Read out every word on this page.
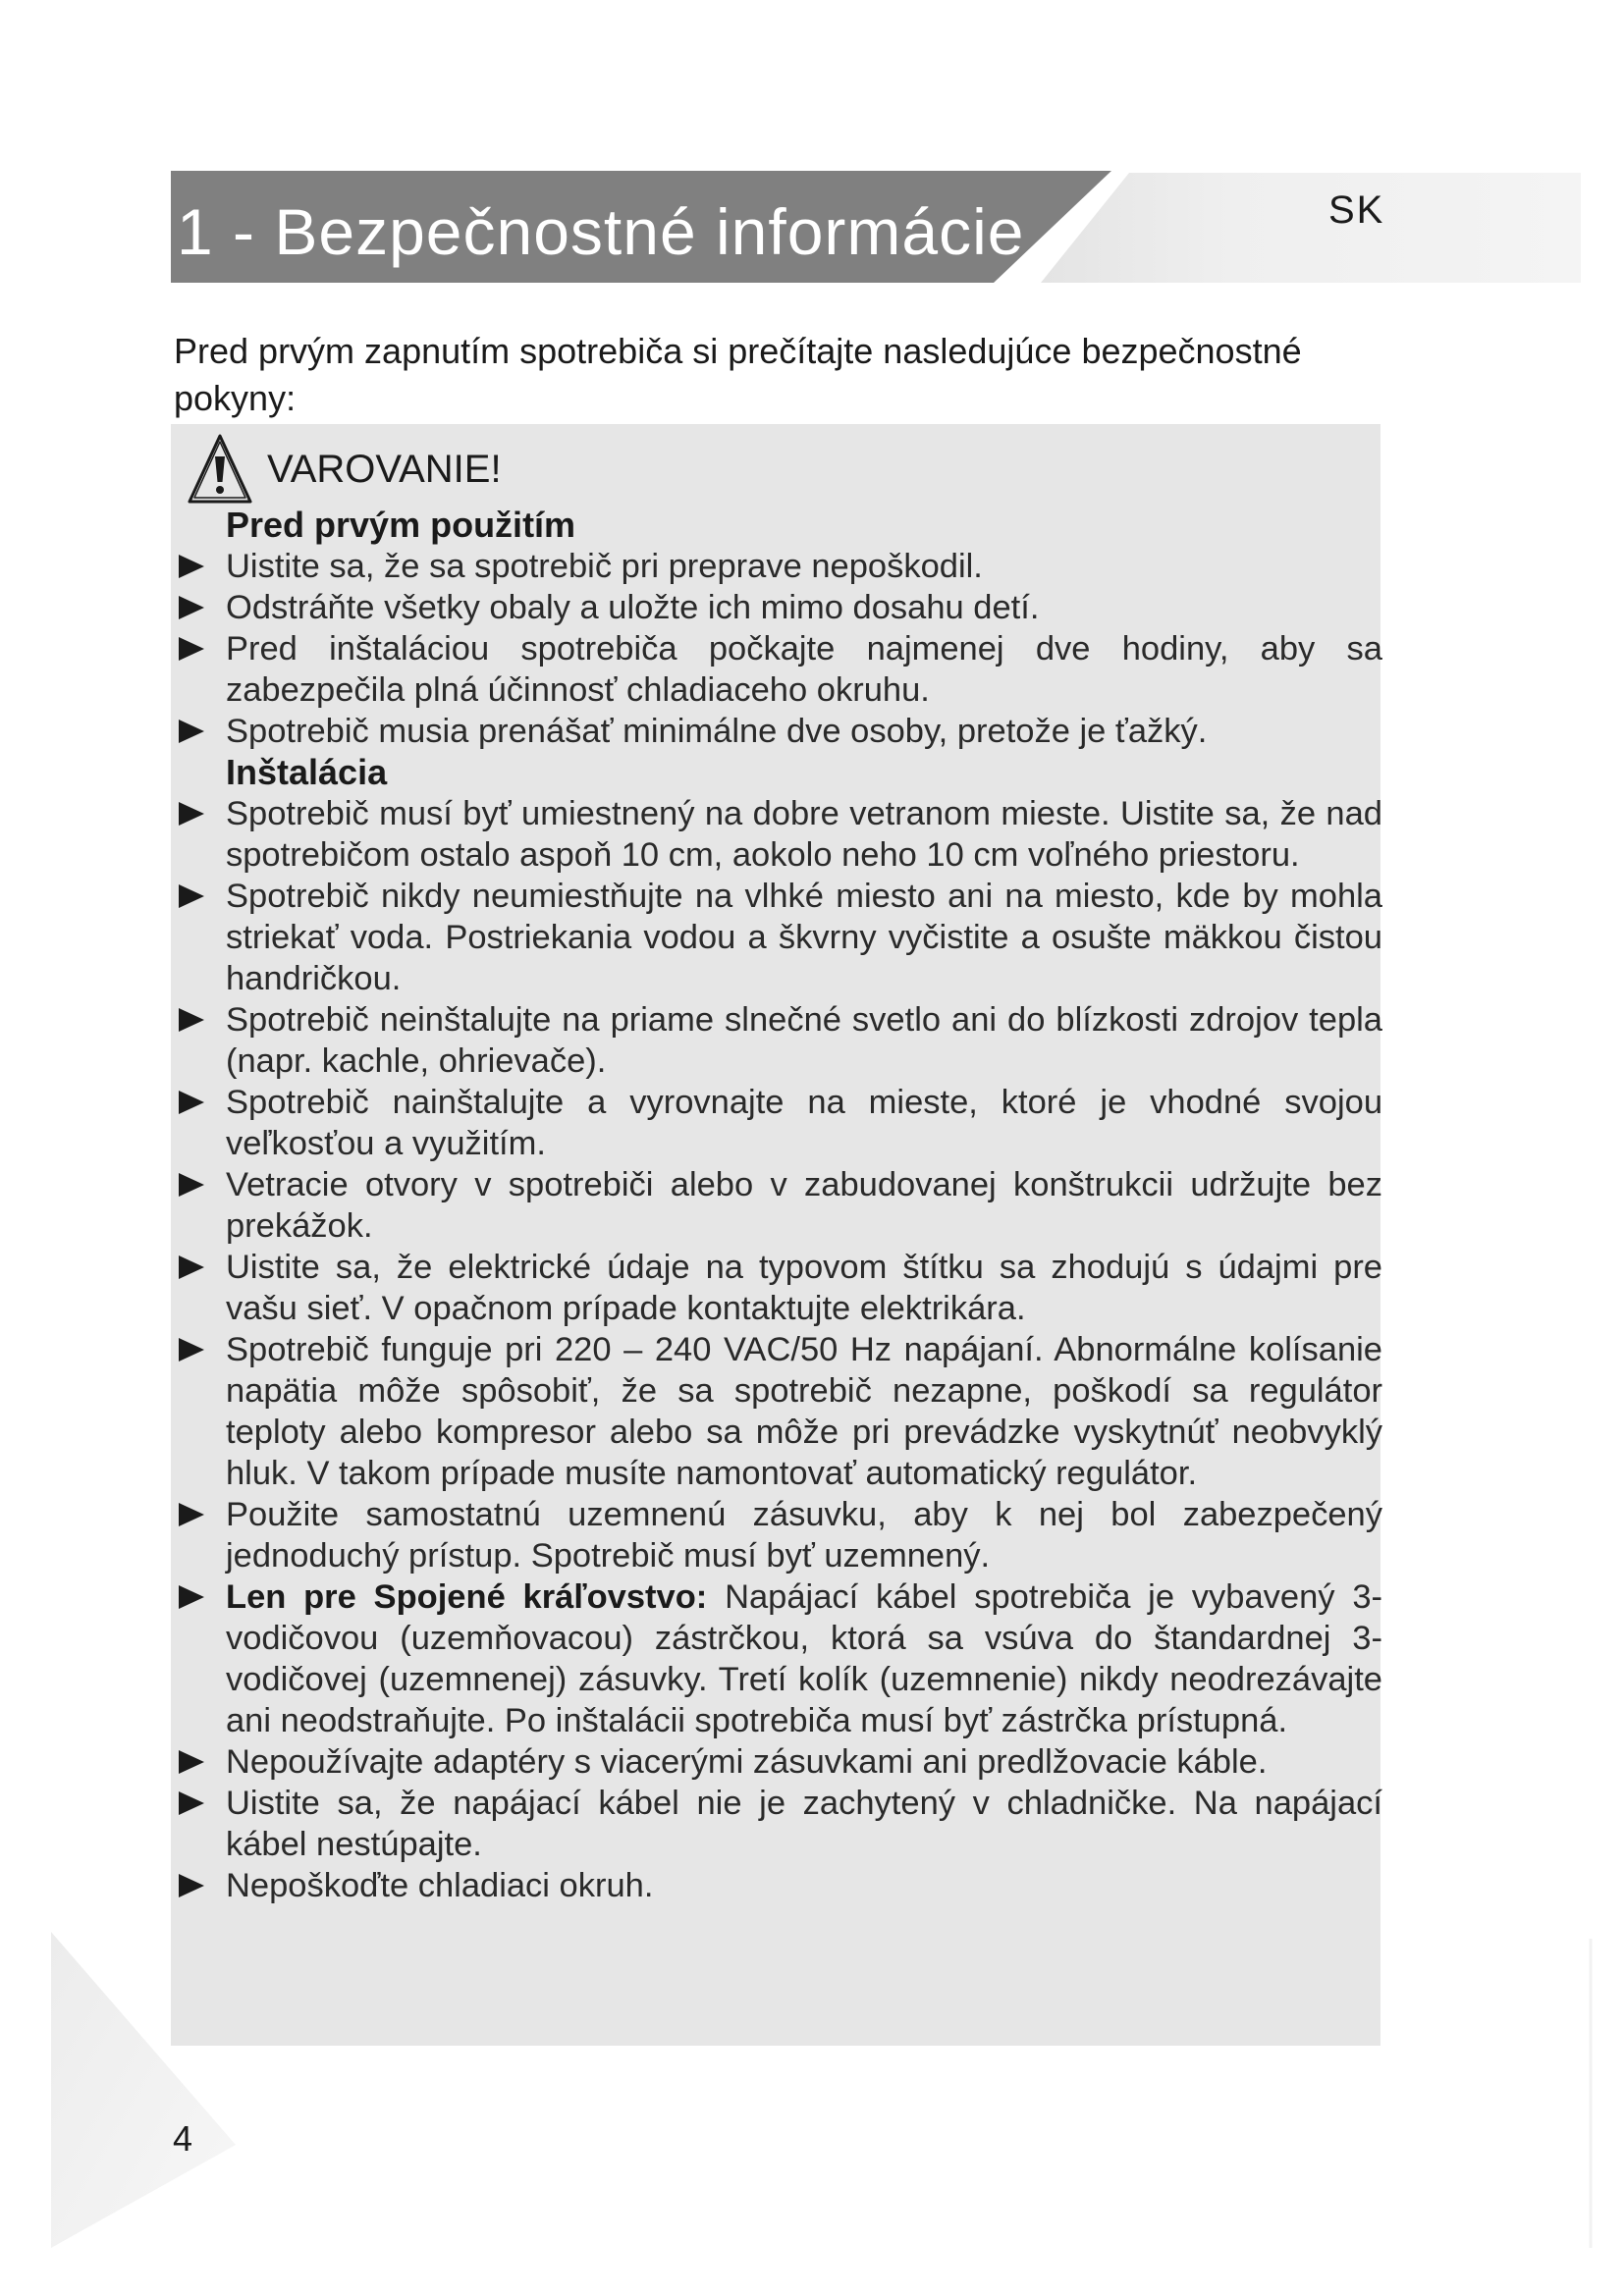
1 - Bezpečnostné informácie	SK
Pred prvým zapnutím spotrebiča si prečítajte nasledujúce bezpečnostné pokyny:
VAROVANIE!
Pred prvým použitím
Uistite sa, že sa spotrebič pri preprave nepoškodil.
Odstráňte všetky obaly a uložte ich mimo dosahu detí.
Pred inštaláciou spotrebiča počkajte najmenej dve hodiny, aby sa zabezpečila plná účinnosť chladiaceho okruhu.
Spotrebič musia prenášať minimálne dve osoby, pretože je ťažký.
Inštalácia
Spotrebič musí byť umiestnený na dobre vetranom mieste. Uistite sa, že nad spotrebičom ostalo aspoň 10 cm, aokolo neho 10 cm voľného priestoru.
Spotrebič nikdy neumiestňujte na vlhké miesto ani na miesto, kde by mohla striekať voda. Postriekania vodou a škvrny vyčistite a osušte mäkkou čistou handričkou.
Spotrebič neinštalujte na priame slnečné svetlo ani do blízkosti zdrojov tepla (napr. kachle, ohrievače).
Spotrebič nainštalujte a vyrovnajte na mieste, ktoré je vhodné svojou veľkosťou a využitím.
Vetracie otvory v spotrebiči alebo v zabudovanej konštrukcii udržujte bez prekážok.
Uistite sa, že elektrické údaje na typovom štítku sa zhodujú s údajmi pre vašu sieť. V opačnom prípade kontaktujte elektrikára.
Spotrebič funguje pri 220 – 240 VAC/50 Hz napájaní. Abnormálne kolísanie napätia môže spôsobiť, že sa spotrebič nezapne, poškodí sa regulátor teploty alebo kompresor alebo sa môže pri prevádzke vyskytnúť neobvyklý hluk. V takom prípade musíte namontovať automatický regulátor.
Použite samostatnú uzemnenú zásuvku, aby k nej bol zabezpečený jednoduchý prístup. Spotrebič musí byť uzemnený.
Len pre Spojené kráľovstvo: Napájací kábel spotrebiča je vybavený 3-vodičovou (uzemňovacou) zástrčkou, ktorá sa vsúva do štandardnej 3-vodičovej (uzemnenej) zásuvky. Tretí kolík (uzemnenie) nikdy neodrezávajte ani neodstraňujte. Po inštalácii spotrebiča musí byť zástrčka prístupná.
Nepoužívajte adaptéry s viacerými zásuvkami ani predlžovacie káble.
Uistite sa, že napájací kábel nie je zachytený v chladničke. Na napájací kábel nestúpajte.
Nepoškoďte chladiaci okruh.
4
